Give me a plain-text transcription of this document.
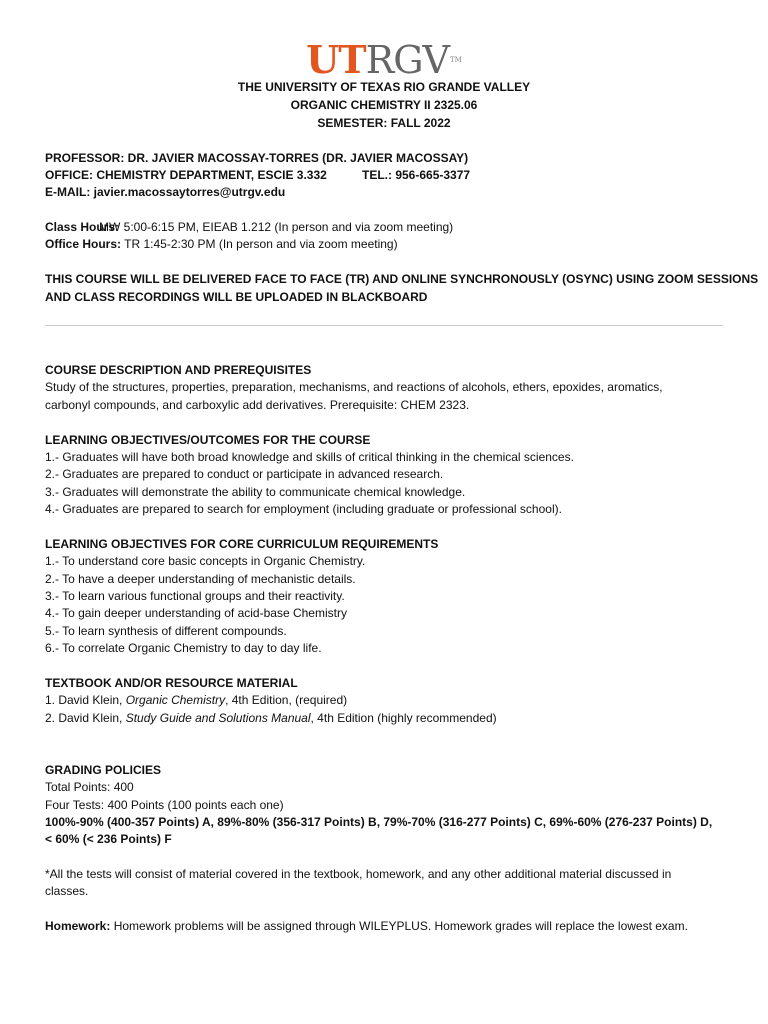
UTRGV™
THE UNIVERSITY OF TEXAS RIO GRANDE VALLEY
ORGANIC CHEMISTRY II 2325.06
SEMESTER: FALL 2022
PROFESSOR: DR. JAVIER MACOSSAY-TORRES (DR. JAVIER MACOSSAY)
OFFICE: CHEMISTRY DEPARTMENT, ESCIE 3.332	TEL.: 956-665-3377
E-MAIL: javier.macossaytorres@utrgv.edu
Class Hours:MW 5:00-6:15 PM, EIEAB 1.212 (In person and via zoom meeting)
Office Hours: TR 1:45-2:30 PM (In person and via zoom meeting)
THIS COURSE WILL BE DELIVERED FACE TO FACE (TR) AND ONLINE SYNCHRONOUSLY (OSYNC) USING ZOOM SESSIONS
AND CLASS RECORDINGS WILL BE UPLOADED IN BLACKBOARD
COURSE DESCRIPTION AND PREREQUISITES
Study of the structures, properties, preparation, mechanisms, and reactions of alcohols, ethers, epoxides, aromatics,
carbonyl compounds, and carboxylic add derivatives. Prerequisite: CHEM 2323.
LEARNING OBJECTIVES/OUTCOMES FOR THE COURSE
1.- Graduates will have both broad knowledge and skills of critical thinking in the chemical sciences.
2.- Graduates are prepared to conduct or participate in advanced research.
3.- Graduates will demonstrate the ability to communicate chemical knowledge.
4.- Graduates are prepared to search for employment (including graduate or professional school).
LEARNING OBJECTIVES FOR CORE CURRICULUM REQUIREMENTS
1.- To understand core basic concepts in Organic Chemistry.
2.- To have a deeper understanding of mechanistic details.
3.- To learn various functional groups and their reactivity.
4.- To gain deeper understanding of acid-base Chemistry
5.- To learn synthesis of different compounds.
6.- To correlate Organic Chemistry to day to day life.
TEXTBOOK AND/OR RESOURCE MATERIAL
1. David Klein, Organic Chemistry, 4th Edition, (required)
2. David Klein, Study Guide and Solutions Manual, 4th Edition (highly recommended)
GRADING POLICIES
Total Points: 400
Four Tests: 400 Points (100 points each one)
100%-90% (400-357 Points) A, 89%-80% (356-317 Points) B, 79%-70% (316-277 Points) C, 69%-60% (276-237 Points) D,
< 60% (< 236 Points) F
*All the tests will consist of material covered in the textbook, homework, and any other additional material discussed in
classes.
Homework: Homework problems will be assigned through WILEYPLUS. Homework grades will replace the lowest exam.
